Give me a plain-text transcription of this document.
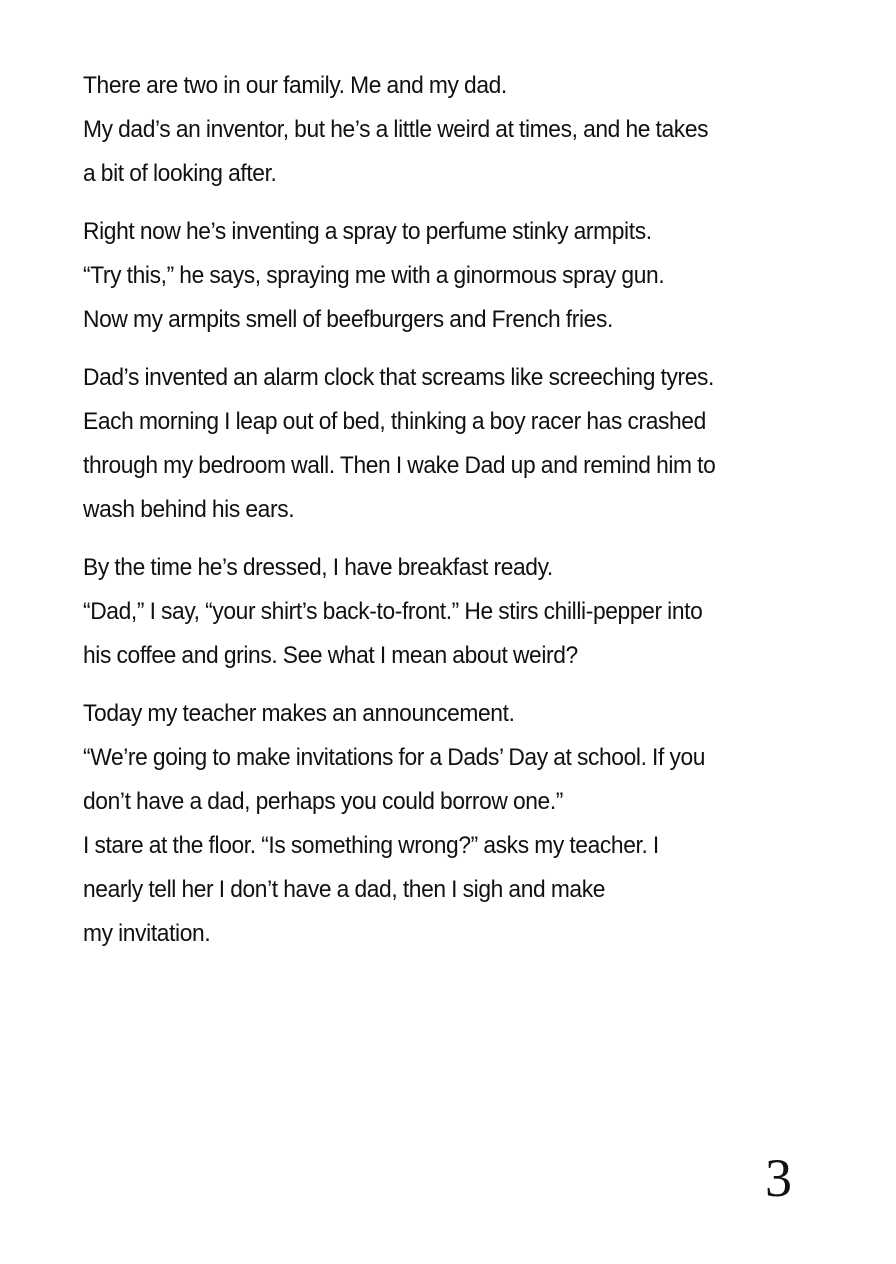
There are two in our family. Me and my dad.
My dad’s an inventor, but he’s a little weird at times, and he takes
a bit of looking after.

Right now he’s inventing a spray to perfume stinky armpits.
“Try this,” he says, spraying me with a ginormous spray gun.
Now my armpits smell of beefburgers and French fries.

Dad’s invented an alarm clock that screams like screeching tyres.
Each morning I leap out of bed, thinking a boy racer has crashed
through my bedroom wall. Then I wake Dad up and remind him to
wash behind his ears.

By the time he’s dressed, I have breakfast ready.
“Dad,” I say, “your shirt’s back-to-front.” He stirs chilli-pepper into
his coffee and grins. See what I mean about weird?

Today my teacher makes an announcement.
“We’re going to make invitations for a Dads’ Day at school. If you
don’t have a dad, perhaps you could borrow one.”
I stare at the floor. “Is something wrong?” asks my teacher. I
nearly tell her I don’t have a dad, then I sigh and make
my invitation.

3
